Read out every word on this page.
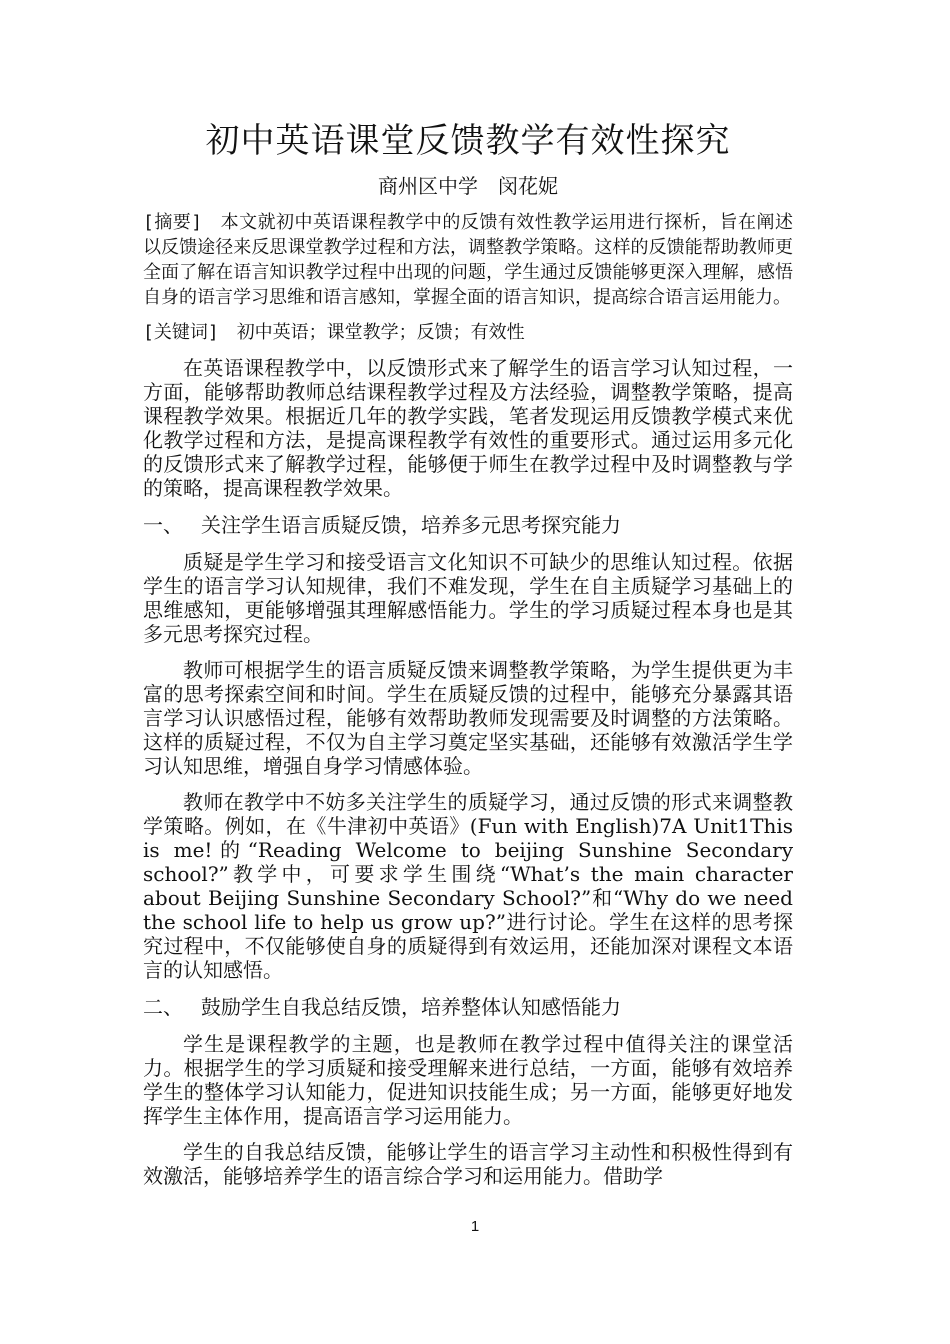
初中英语课堂反馈教学有效性探究
商州区中学　闵花妮

[摘要] 本文就初中英语课程教学中的反馈有效性教学运用进行探析，旨在阐述以反馈途径来反思课堂教学过程和方法，调整教学策略。这样的反馈能帮助教师更全面了解在语言知识教学过程中出现的问题，学生通过反馈能够更深入理解，感悟自身的语言学习思维和语言感知，掌握全面的语言知识，提高综合语言运用能力。

[关键词] 初中英语；课堂教学；反馈；有效性

在英语课程教学中，以反馈形式来了解学生的语言学习认知过程，一方面，能够帮助教师总结课程教学过程及方法经验，调整教学策略，提高课程教学效果。根据近几年的教学实践，笔者发现运用反馈教学模式来优化教学过程和方法，是提高课程教学有效性的重要形式。通过运用多元化的反馈形式来了解教学过程，能够便于师生在教学过程中及时调整教与学的策略，提高课程教学效果。

一、 关注学生语言质疑反馈，培养多元思考探究能力

质疑是学生学习和接受语言文化知识不可缺少的思维认知过程。依据学生的语言学习认知规律，我们不难发现，学生在自主质疑学习基础上的思维感知，更能够增强其理解感悟能力。学生的学习质疑过程本身也是其多元思考探究过程。

教师可根据学生的语言质疑反馈来调整教学策略，为学生提供更为丰富的思考探索空间和时间。学生在质疑反馈的过程中，能够充分暴露其语言学习认识感悟过程，能够有效帮助教师发现需要及时调整的方法策略。这样的质疑过程，不仅为自主学习奠定坚实基础，还能够有效激活学生学习认知思维，增强自身学习情感体验。

教师在教学中不妨多关注学生的质疑学习，通过反馈的形式来调整教学策略。例如，在《牛津初中英语》(Fun with English)7A Unit1This is me!的“Reading Welcome to beijing Sunshine Secondary school?”教学中，可要求学生围绕“What’s the main character about Beijing Sunshine Secondary School?”和“Why do we need the school life to help us grow up?”进行讨论。学生在这样的思考探究过程中，不仅能够使自身的质疑得到有效运用，还能加深对课程文本语言的认知感悟。

二、 鼓励学生自我总结反馈，培养整体认知感悟能力

学生是课程教学的主题，也是教师在教学过程中值得关注的课堂活力。根据学生的学习质疑和接受理解来进行总结，一方面，能够有效培养学生的整体学习认知能力，促进知识技能生成；另一方面，能够更好地发挥学生主体作用，提高语言学习运用能力。

学生的自我总结反馈，能够让学生的语言学习主动性和积极性得到有效激活，能够培养学生的语言综合学习和运用能力。借助学

1
